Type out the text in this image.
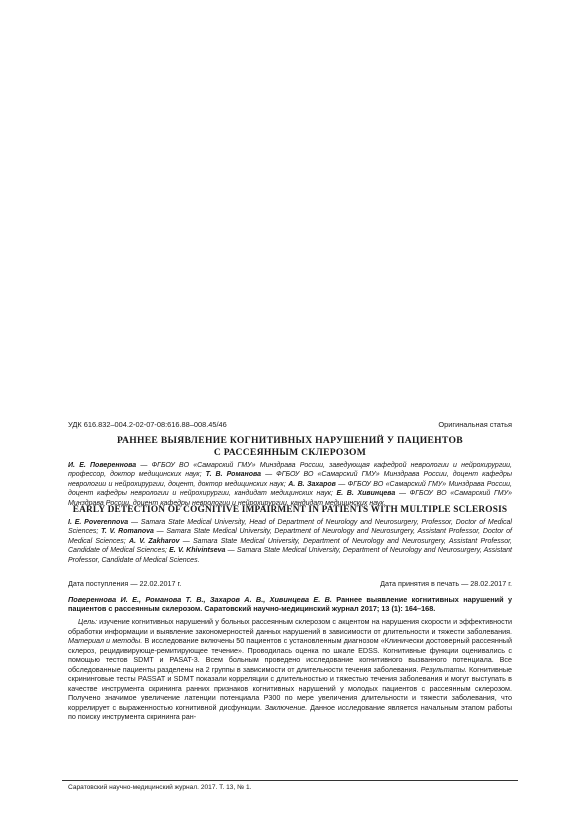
УДК 616.832–004.2-02-07-08:616.88–008.45/46	Оригинальная статья
РАННЕЕ ВЫЯВЛЕНИЕ КОГНИТИВНЫХ НАРУШЕНИЙ У ПАЦИЕНТОВ
С РАССЕЯННЫМ СКЛЕРОЗОМ
И. Е. Повереннова — ФГБОУ ВО «Самарский ГМУ» Минздрава России, заведующая кафедрой неврологии и нейрохирургии, профессор, доктор медицинских наук; Т. В. Романова — ФГБОУ ВО «Самарский ГМУ» Минздрава России, доцент кафедры неврологии и нейрохирургии, доцент, доктор медицинских наук; А. В. Захаров — ФГБОУ ВО «Самарский ГМУ» Минздрава России, доцент кафедры неврологии и нейрохирургии, кандидат медицинских наук; Е. В. Хивинцева — ФГБОУ ВО «Самарский ГМУ» Минздрава России, доцент кафедры неврологии и нейрохирургии, кандидат медицинских наук.
EARLY DETECTION OF COGNITIVE IMPAIRMENT IN PATIENTS WITH MULTIPLE SCLEROSIS
I. E. Poverennova — Samara State Medical University, Head of Department of Neurology and Neurosurgery, Professor, Doctor of Medical Sciences; T. V. Romanova — Samara State Medical University, Department of Neurology and Neurosurgery, Assistant Professor, Doctor of Medical Sciences; A. V. Zakharov — Samara State Medical University, Department of Neurology and Neurosurgery, Assistant Professor, Candidate of Medical Sciences; E. V. Khivintseva — Samara State Medical University, Department of Neurology and Neurosurgery, Assistant Professor, Candidate of Medical Sciences.
Дата поступления — 22.02.2017 г.	Дата принятия в печать — 28.02.2017 г.
Повереннова И. Е., Романова Т. В., Захаров А. В., Хивинцева Е. В. Раннее выявление когнитивных нарушений у пациентов с рассеянным склерозом. Саратовский научно-медицинский журнал 2017; 13 (1): 164–168.
Цель: изучение когнитивных нарушений у больных рассеянным склерозом с акцентом на нарушения скорости и эффективности обработки информации и выявление закономерностей данных нарушений в зависимости от длительности и тяжести заболевания. Материал и методы. В исследование включены 50 пациентов с установленным диагнозом «Клинически достоверный рассеянный склероз, рецидивирующе-ремитирующее течение». Проводилась оценка по шкале EDSS. Когнитивные функции оценивались с помощью тестов SDMT и PASAT-3. Всем больным проведено исследование когнитивного вызванного потенциала. Все обследованные пациенты разделены на 2 группы в зависимости от длительности течения заболевания. Результаты. Когнитивные скрининговые тесты PASSAT и SDMT показали корреляции с длительностью и тяжестью течения заболевания и могут выступать в качестве инструмента скрининга ранних признаков когнитивных нарушений у молодых пациентов с рассеянным склерозом. Получено значимое увеличение латенции потенциала P300 по мере увеличения длительности и тяжести заболевания, что коррелирует с выраженностью когнитивной дисфункции. Заключение. Данное исследование является начальным этапом работы по поиску инструмента скрининга ран-
Саратовский научно-медицинский журнал. 2017. Т. 13, № 1.
